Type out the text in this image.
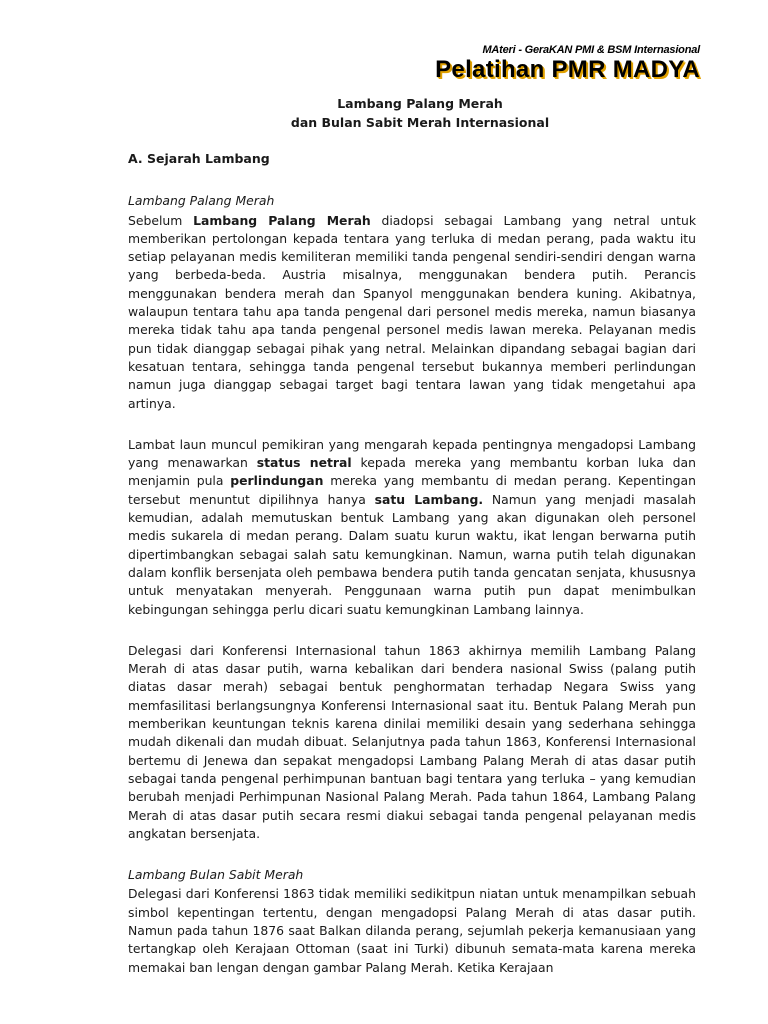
MAteri - GeraKAN PMI & BSM Internasional
Pelatihan PMR MADYA
Lambang Palang Merah
dan Bulan Sabit Merah Internasional
A. Sejarah Lambang
Lambang Palang Merah

Sebelum Lambang Palang Merah diadopsi sebagai Lambang yang netral untuk memberikan pertolongan kepada tentara yang terluka di medan perang, pada waktu itu setiap pelayanan medis kemiliteran memiliki tanda pengenal sendiri-sendiri dengan warna yang berbeda-beda. Austria misalnya, menggunakan bendera putih. Perancis menggunakan bendera merah dan Spanyol menggunakan bendera kuning. Akibatnya, walaupun tentara tahu apa tanda pengenal dari personel medis mereka, namun biasanya mereka tidak tahu apa tanda pengenal personel medis lawan mereka. Pelayanan medis pun tidak dianggap sebagai pihak yang netral. Melainkan dipandang sebagai bagian dari kesatuan tentara, sehingga tanda pengenal tersebut bukannya memberi perlindungan namun juga dianggap sebagai target bagi tentara lawan yang tidak mengetahui apa artinya.

Lambat laun muncul pemikiran yang mengarah kepada pentingnya mengadopsi Lambang yang menawarkan status netral kepada mereka yang membantu korban luka dan menjamin pula perlindungan mereka yang membantu di medan perang. Kepentingan tersebut menuntut dipilihnya hanya satu Lambang. Namun yang menjadi masalah kemudian, adalah memutuskan bentuk Lambang yang akan digunakan oleh personel medis sukarela di medan perang. Dalam suatu kurun waktu, ikat lengan berwarna putih dipertimbangkan sebagai salah satu kemungkinan. Namun, warna putih telah digunakan dalam konflik bersenjata oleh pembawa bendera putih tanda gencatan senjata, khususnya untuk menyatakan menyerah. Penggunaan warna putih pun dapat menimbulkan kebingungan sehingga perlu dicari suatu kemungkinan Lambang lainnya.

Delegasi dari Konferensi Internasional tahun 1863 akhirnya memilih Lambang Palang Merah di atas dasar putih, warna kebalikan dari bendera nasional Swiss (palang putih diatas dasar merah) sebagai bentuk penghormatan terhadap Negara Swiss yang memfasilitasi berlangsungnya Konferensi Internasional saat itu. Bentuk Palang Merah pun memberikan keuntungan teknis karena dinilai memiliki desain yang sederhana sehingga mudah dikenali dan mudah dibuat. Selanjutnya pada tahun 1863, Konferensi Internasional bertemu di Jenewa dan sepakat mengadopsi Lambang Palang Merah di atas dasar putih sebagai tanda pengenal perhimpunan bantuan bagi tentara yang terluka – yang kemudian berubah menjadi Perhimpunan Nasional Palang Merah. Pada tahun 1864, Lambang Palang Merah di atas dasar putih secara resmi diakui sebagai tanda pengenal pelayanan medis angkatan bersenjata.

Lambang Bulan Sabit Merah

Delegasi dari Konferensi 1863 tidak memiliki sedikitpun niatan untuk menampilkan sebuah simbol kepentingan tertentu, dengan mengadopsi Palang Merah di atas dasar putih. Namun pada tahun 1876 saat Balkan dilanda perang, sejumlah pekerja kemanusiaan yang tertangkap oleh Kerajaan Ottoman (saat ini Turki) dibunuh semata-mata karena mereka memakai ban lengan dengan gambar Palang Merah. Ketika Kerajaan
